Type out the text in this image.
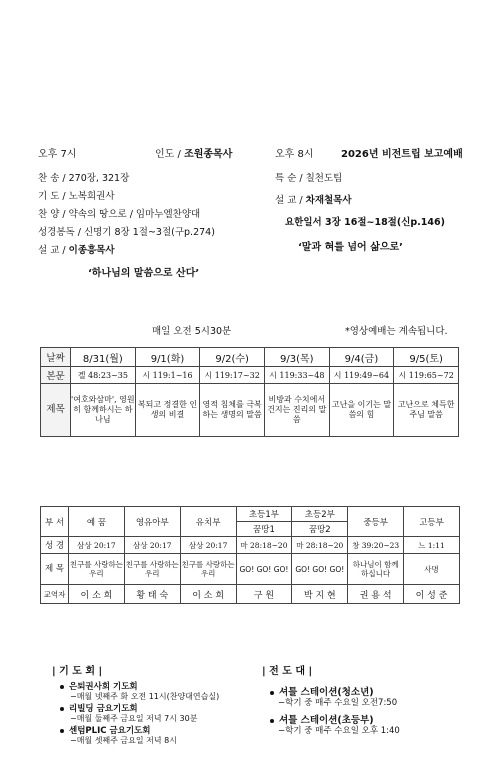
오후 7시	인도 / 조원종목사
찬 송 / 270장, 321장
기 도 / 노복희권사
찬 양 / 약속의 땅으로 / 임마누엘찬양대
성경봉독 / 신명기 8장 1절~3절(구p.274)
설 교 / 이종흥목사
‘하나님의 말씀으로 산다’
오후 8시	2026년 비전트립 보고예배
특 순 / 칠천도팀
설 교 / 차재철목사
요한일서 3장 16절~18절(신p.146)
‘말과 혀를 넘어 삶으로’
매일 오전 5시30분	*영상예배는 계속됩니다.
날짜	8/31(월)	9/1(화)	9/2(수)	9/3(목)	9/4(금)	9/5(토)
본문	겔 48:23~35	시 119:1~16	시 119:17~32	시 119:33~48	시 119:49~64	시 119:65~72
제목	'여호와삼마', 영원히 함께하시는 하나님	복되고 정결한 인생의 비결	영적 침체를 극복하는 생명의 말씀	비방과 수치에서 건지는 진리의 말씀	고난을 이기는 말씀의 힘	고난으로 체득한 주님 말씀
부 서	예 꿈	영유아부	유치부	초등1부	초등2부	중등부	고등부
				꿈땅1	꿈땅2		
성 경	삼상 20:17	삼상 20:17	삼상 20:17	마 28:18~20	마 28:18~20	창 39:20~23	느 1:11
제 목	친구를 사랑하는 우리	친구를 사랑하는 우리	친구를 사랑하는 우리	GO! GO! GO!	GO! GO! GO!	하나님이 함께 하십니다	사명
교역자	이 소 희	황 태 숙	이 소 희	구 원	박 지 현	권 용 석	이 성 준
| 기 도 회 |
은퇴권사회 기도회
−매월 넷째주 화 오전 11시(찬양대연습실)
리빌딩 금요기도회
−매월 둘째주 금요일 저녁 7시 30분
센텀PLIC 금요기도회
−매월 셋째주 금요일 저녁 8시
| 전 도 대 |
셔틀 스테이션(청소년)
−학기 중 매주 수요일 오전7:50
셔틀 스테이션(초등부)
−학기 중 매주 수요일 오후 1:40
